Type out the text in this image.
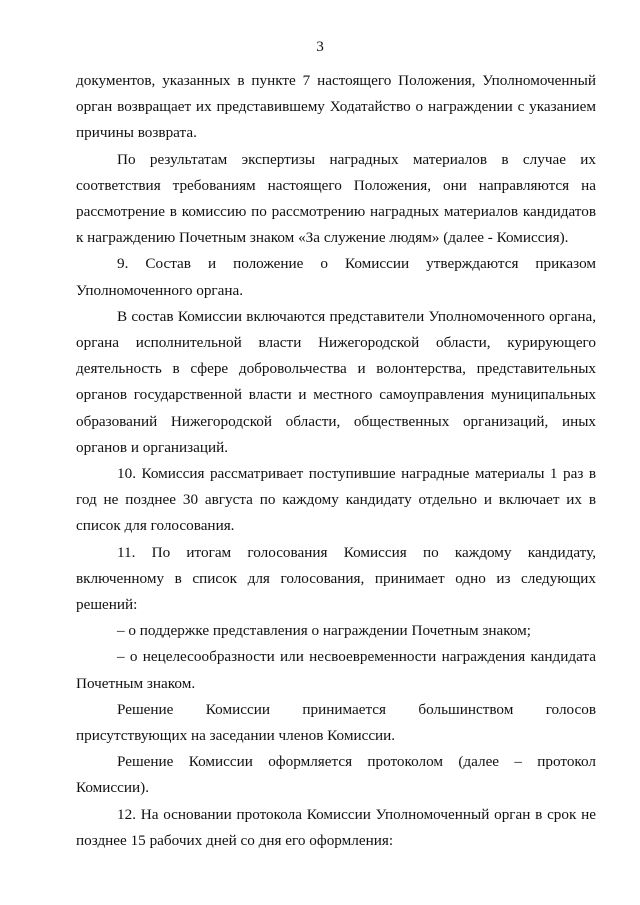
3

документов, указанных в пункте 7 настоящего Положения, Уполномоченный орган возвращает их представившему Ходатайство о награждении с указанием причины возврата.

По результатам экспертизы наградных материалов в случае их соответствия требованиям настоящего Положения, они направляются на рассмотрение в комиссию по рассмотрению наградных материалов кандидатов к награждению Почетным знаком «За служение людям» (далее - Комиссия).

9. Состав и положение о Комиссии утверждаются приказом Уполномоченного органа.

В состав Комиссии включаются представители Уполномоченного органа, органа исполнительной власти Нижегородской области, курирующего деятельность в сфере добровольчества и волонтерства, представительных органов государственной власти и местного самоуправления муниципальных образований Нижегородской области, общественных организаций, иных органов и организаций.

10. Комиссия рассматривает поступившие наградные материалы 1 раз в год не позднее 30 августа по каждому кандидату отдельно и включает их в список для голосования.

11. По итогам голосования Комиссия по каждому кандидату, включенному в список для голосования, принимает одно из следующих решений:

– о поддержке представления о награждении Почетным знаком;

– о нецелесообразности или несвоевременности награждения кандидата Почетным знаком.

Решение Комиссии принимается большинством голосов присутствующих на заседании членов Комиссии.

Решение Комиссии оформляется протоколом (далее – протокол Комиссии).

12. На основании протокола Комиссии Уполномоченный орган в срок не позднее 15 рабочих дней со дня его оформления:
